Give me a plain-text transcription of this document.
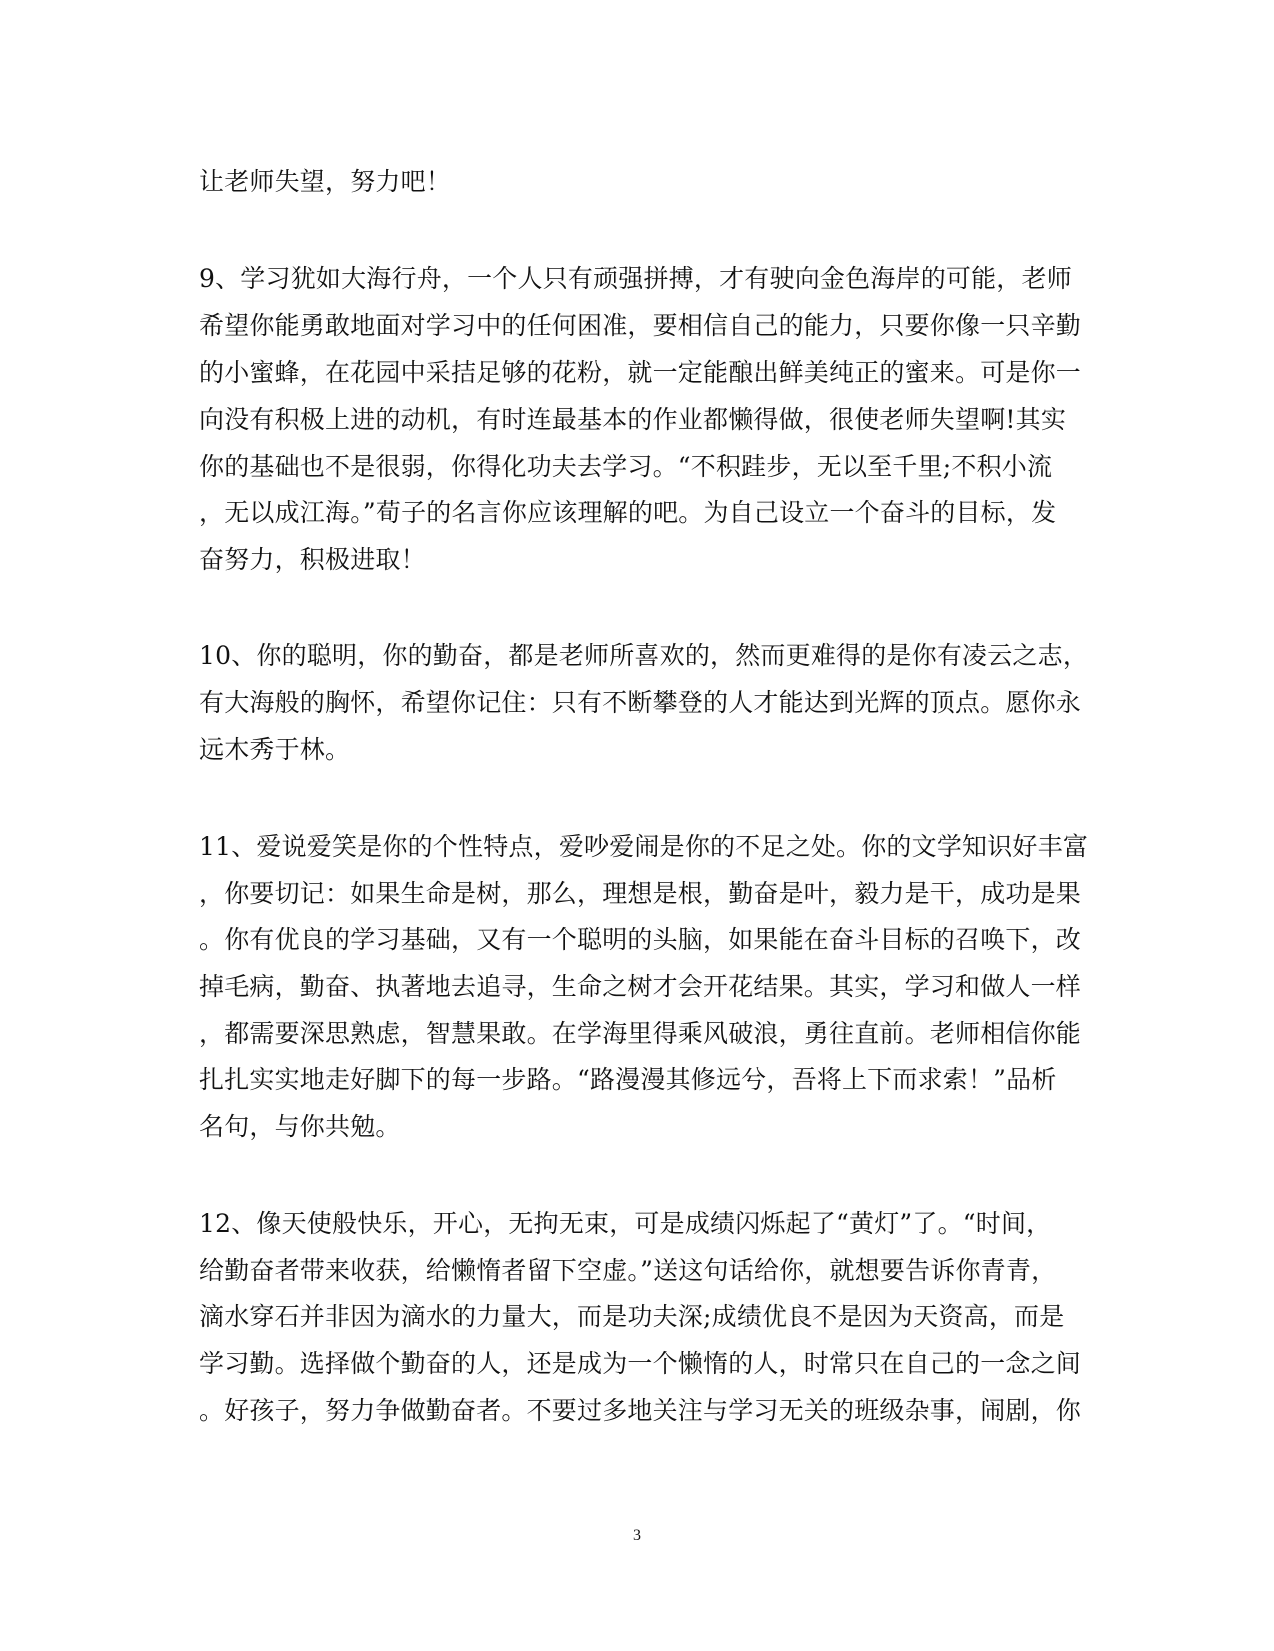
让老师失望，努力吧！
9、学习犹如大海行舟，一个人只有顽强拼搏，才有驶向金色海岸的可能，老师
希望你能勇敢地面对学习中的任何困准，要相信自己的能力，只要你像一只辛勤
的小蜜蜂，在花园中采拮足够的花粉，就一定能酿出鲜美纯正的蜜来。可是你一
向没有积极上进的动机，有时连最基本的作业都懒得做，很使老师失望啊!其实
你的基础也不是很弱，你得化功夫去学习。“不积跬步，无以至千里;不积小流
，无以成江海。”荀子的名言你应该理解的吧。为自己设立一个奋斗的目标，发
奋努力，积极进取！
10、你的聪明，你的勤奋，都是老师所喜欢的，然而更难得的是你有凌云之志，
有大海般的胸怀，希望你记住：只有不断攀登的人才能达到光辉的顶点。愿你永
远木秀于林。
11、爱说爱笑是你的个性特点，爱吵爱闹是你的不足之处。你的文学知识好丰富
，你要切记：如果生命是树，那么，理想是根，勤奋是叶，毅力是干，成功是果
。你有优良的学习基础，又有一个聪明的头脑，如果能在奋斗目标的召唤下，改
掉毛病，勤奋、执著地去追寻，生命之树才会开花结果。其实，学习和做人一样
，都需要深思熟虑，智慧果敢。在学海里得乘风破浪，勇往直前。老师相信你能
扎扎实实地走好脚下的每一步路。“路漫漫其修远兮，吾将上下而求索！”品析
名句，与你共勉。
12、像天使般快乐，开心，无拘无束，可是成绩闪烁起了“黄灯”了。“时间，
给勤奋者带来收获，给懒惰者留下空虚。”送这句话给你，就想要告诉你青青，
滴水穿石并非因为滴水的力量大，而是功夫深;成绩优良不是因为天资高，而是
学习勤。选择做个勤奋的人，还是成为一个懒惰的人，时常只在自己的一念之间
。好孩子，努力争做勤奋者。不要过多地关注与学习无关的班级杂事，闹剧，你
3
